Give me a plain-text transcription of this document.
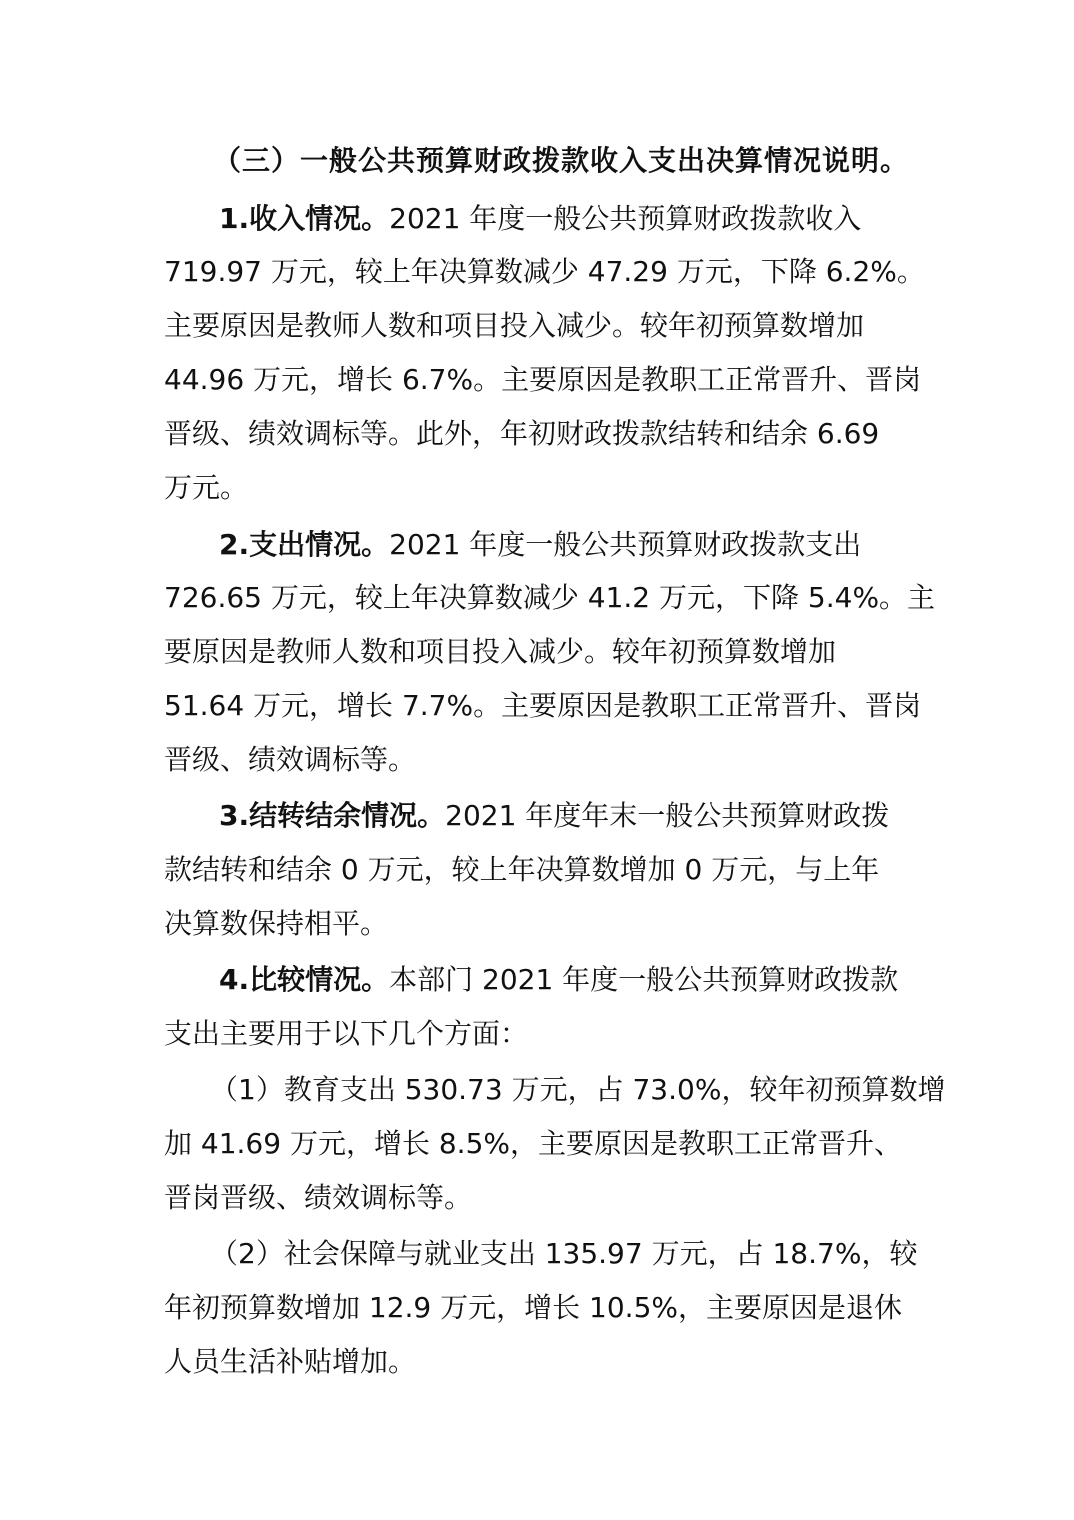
（三）一般公共预算财政拨款收入支出决算情况说明。
1.收入情况。2021 年度一般公共预算财政拨款收入
719.97 万元，较上年决算数减少 47.29 万元，下降 6.2%。
主要原因是教师人数和项目投入减少。较年初预算数增加
44.96 万元，增长 6.7%。主要原因是教职工正常晋升、晋岗
晋级、绩效调标等。此外，年初财政拨款结转和结余 6.69
万元。
2.支出情况。2021 年度一般公共预算财政拨款支出
726.65 万元，较上年决算数减少 41.2 万元，下降 5.4%。主
要原因是教师人数和项目投入减少。较年初预算数增加
51.64 万元，增长 7.7%。主要原因是教职工正常晋升、晋岗
晋级、绩效调标等。
3.结转结余情况。2021 年度年末一般公共预算财政拨
款结转和结余 0 万元，较上年决算数增加 0 万元，与上年
决算数保持相平。
4.比较情况。本部门 2021 年度一般公共预算财政拨款
支出主要用于以下几个方面：
（1）教育支出 530.73 万元，占 73.0%，较年初预算数增
加 41.69 万元，增长 8.5%，主要原因是教职工正常晋升、
晋岗晋级、绩效调标等。
（2）社会保障与就业支出 135.97 万元，占 18.7%，较
年初预算数增加 12.9 万元，增长 10.5%，主要原因是退休
人员生活补贴增加。
